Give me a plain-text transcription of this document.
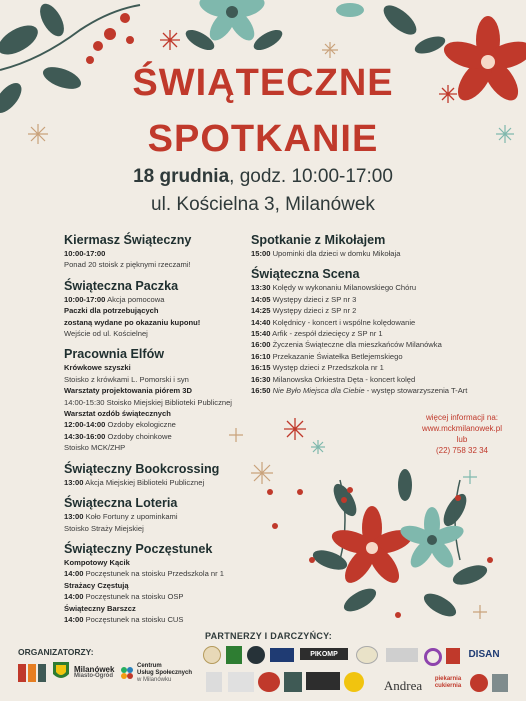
ŚWIĄTECZNE
SPOTKANIE
18 grudnia, godz. 10:00-17:00
ul. Kościelna 3, Milanówek
Kiermasz Świąteczny
10:00-17:00
Ponad 20 stoisk z pięknymi rzeczami!
Świąteczna Paczka
10:00-17:00 Akcja pomocowa
Paczki dla potrzebujących
zostaną wydane po okazaniu kuponu!
Wejście od ul. Kościelnej
Pracownia Elfów
Krówkowe szyszki
Stoisko z krówkami L. Pomorski i syn
Warsztaty projektowania piórem 3D
14:00-15:30 Stoisko Miejskiej Biblioteki Publicznej
Warsztat ozdób świątecznych
12:00-14:00 Ozdoby ekologiczne
14:30-16:00 Ozdoby choinkowe
Stoisko MCK/ZHP
Świąteczny Bookcrossing
13:00 Akcja Miejskiej Biblioteki Publicznej
Świąteczna Loteria
13:00 Koło Fortuny z upominkami
Stoisko Straży Miejskiej
Świąteczny Poczęstunek
Kompotowy Kącik
14:00 Poczęstunek na stoisku Przedszkola nr 1
Strażacy Częstują
14:00 Poczęstunek na stoisku OSP
Świąteczny Barszcz
14:00 Poczęstunek na stoisku CUS
Spotkanie z Mikołajem
15:00 Upominki dla dzieci w domku Mikołaja
Świąteczna Scena
13:30 Kolędy w wykonaniu Milanowskiego Chóru
14:05 Występy dzieci z SP nr 3
14:25 Występy dzieci z SP nr 2
14:40 Kolędnicy - koncert i wspólne kolędowanie
15:40 Arfik - zespół dziecięcy z SP nr 1
16:00 Życzenia Świąteczne dla mieszkańców Milanówka
16:10 Przekazanie Światełka Betlejemskiego
16:15 Występ dzieci z Przedszkola nr 1
16:30 Milanowska Orkiestra Dęta - koncert kolęd
16:50 Nie Było Miejsca dla Ciebie - występ stowarzyszenia T-Art
więcej informacji na:
www.mckmilanowek.pl
lub
(22) 758 32 34
PARTNERZY I DARCZYŃCY:
ORGANIZATORZY:
Milanówek
Miasto-Ogród
Centrum
Usług Społecznych
w Milanówku
PIKOMP	DISAN
Andrea piekarnia
cukiernia
